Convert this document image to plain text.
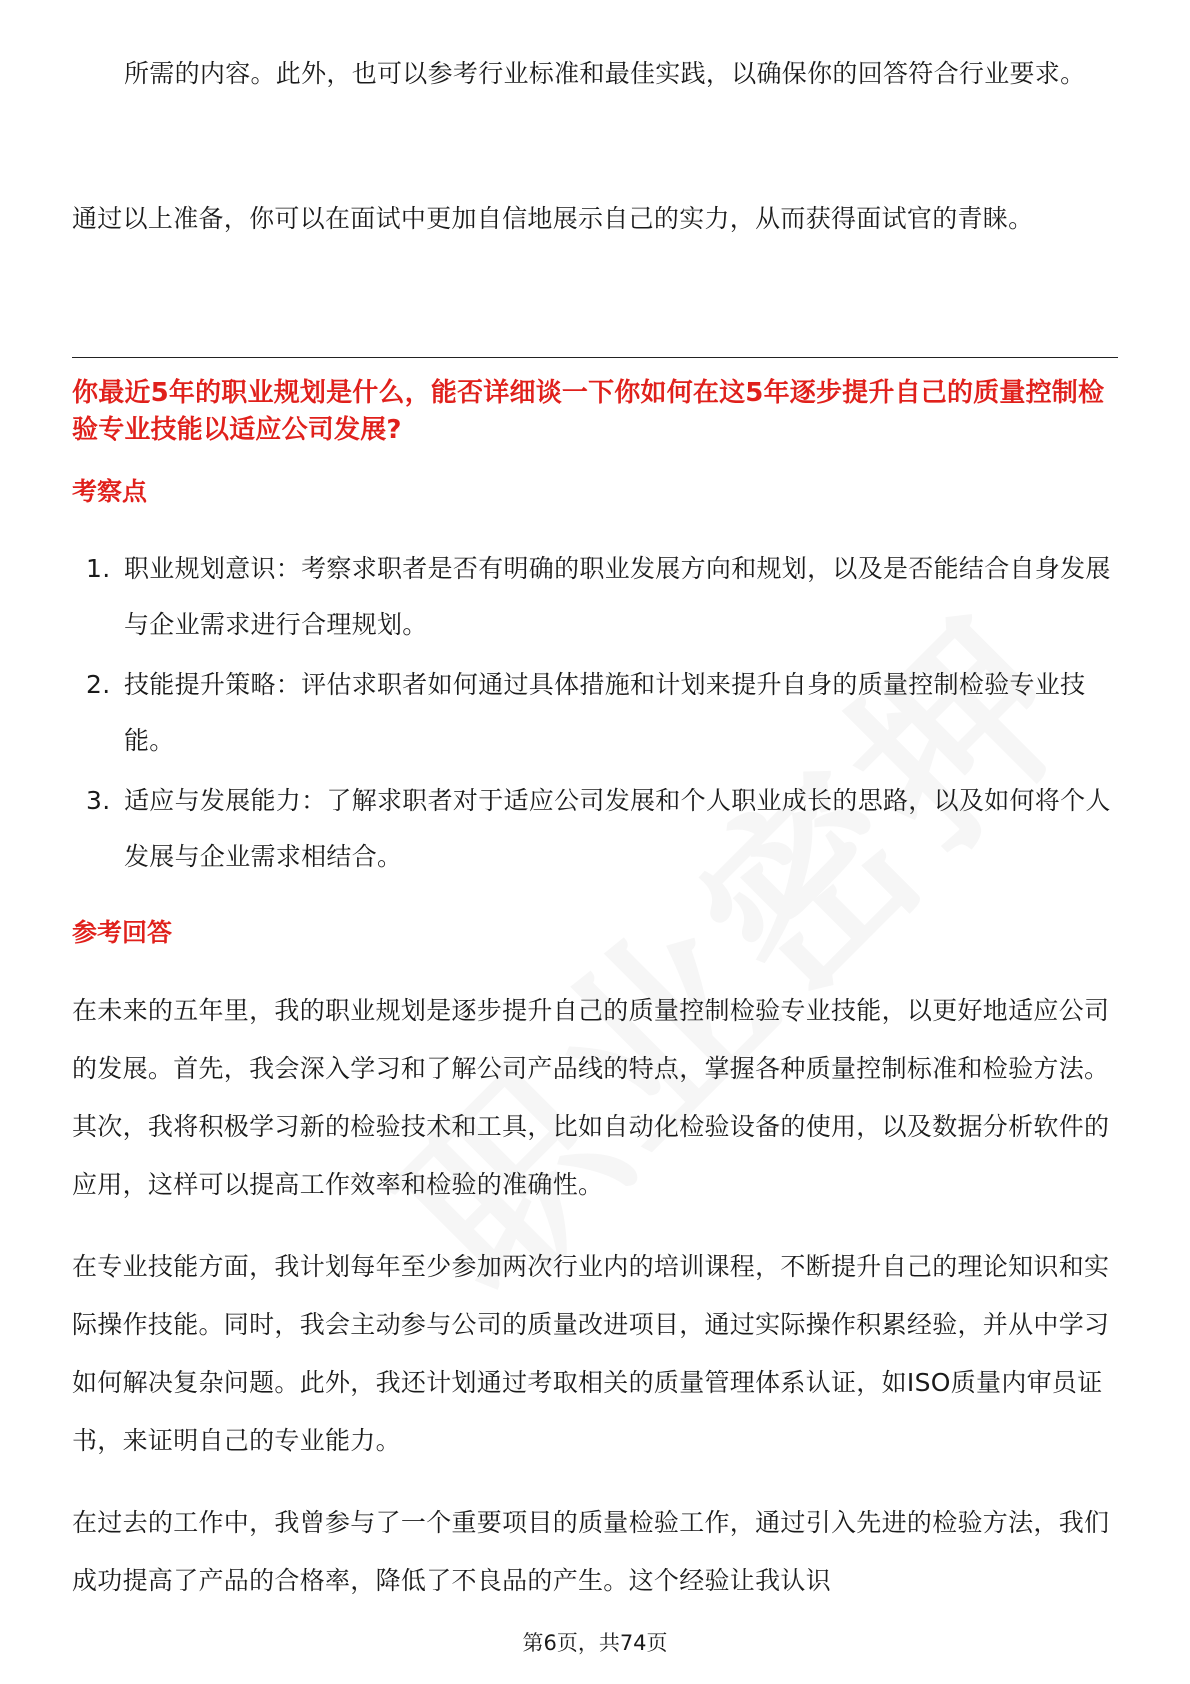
所需的内容。此外，也可以参考行业标准和最佳实践，以确保你的回答符合行业要求。

通过以上准备，你可以在面试中更加自信地展示自己的实力，从而获得面试官的青睐。

你最近5年的职业规划是什么，能否详细谈一下你如何在这5年逐步提升自己的质量控制检验专业技能以适应公司发展?
考察点
1. 职业规划意识：考察求职者是否有明确的职业发展方向和规划，以及是否能结合自身发展与企业需求进行合理规划。
2. 技能提升策略：评估求职者如何通过具体措施和计划来提升自身的质量控制检验专业技能。
3. 适应与发展能力：了解求职者对于适应公司发展和个人职业成长的思路，以及如何将个人发展与企业需求相结合。
参考回答

在未来的五年里，我的职业规划是逐步提升自己的质量控制检验专业技能，以更好地适应公司的发展。首先，我会深入学习和了解公司产品线的特点，掌握各种质量控制标准和检验方法。其次，我将积极学习新的检验技术和工具，比如自动化检验设备的使用，以及数据分析软件的应用，这样可以提高工作效率和检验的准确性。

在专业技能方面，我计划每年至少参加两次行业内的培训课程，不断提升自己的理论知识和实际操作技能。同时，我会主动参与公司的质量改进项目，通过实际操作积累经验，并从中学习如何解决复杂问题。此外，我还计划通过考取相关的质量管理体系认证，如ISO质量内审员证书，来证明自己的专业能力。

在过去的工作中，我曾参与了一个重要项目的质量检验工作，通过引入先进的检验方法，我们成功提高了产品的合格率，降低了不良品的产生。这个经验让我认识

第6页，共74页
